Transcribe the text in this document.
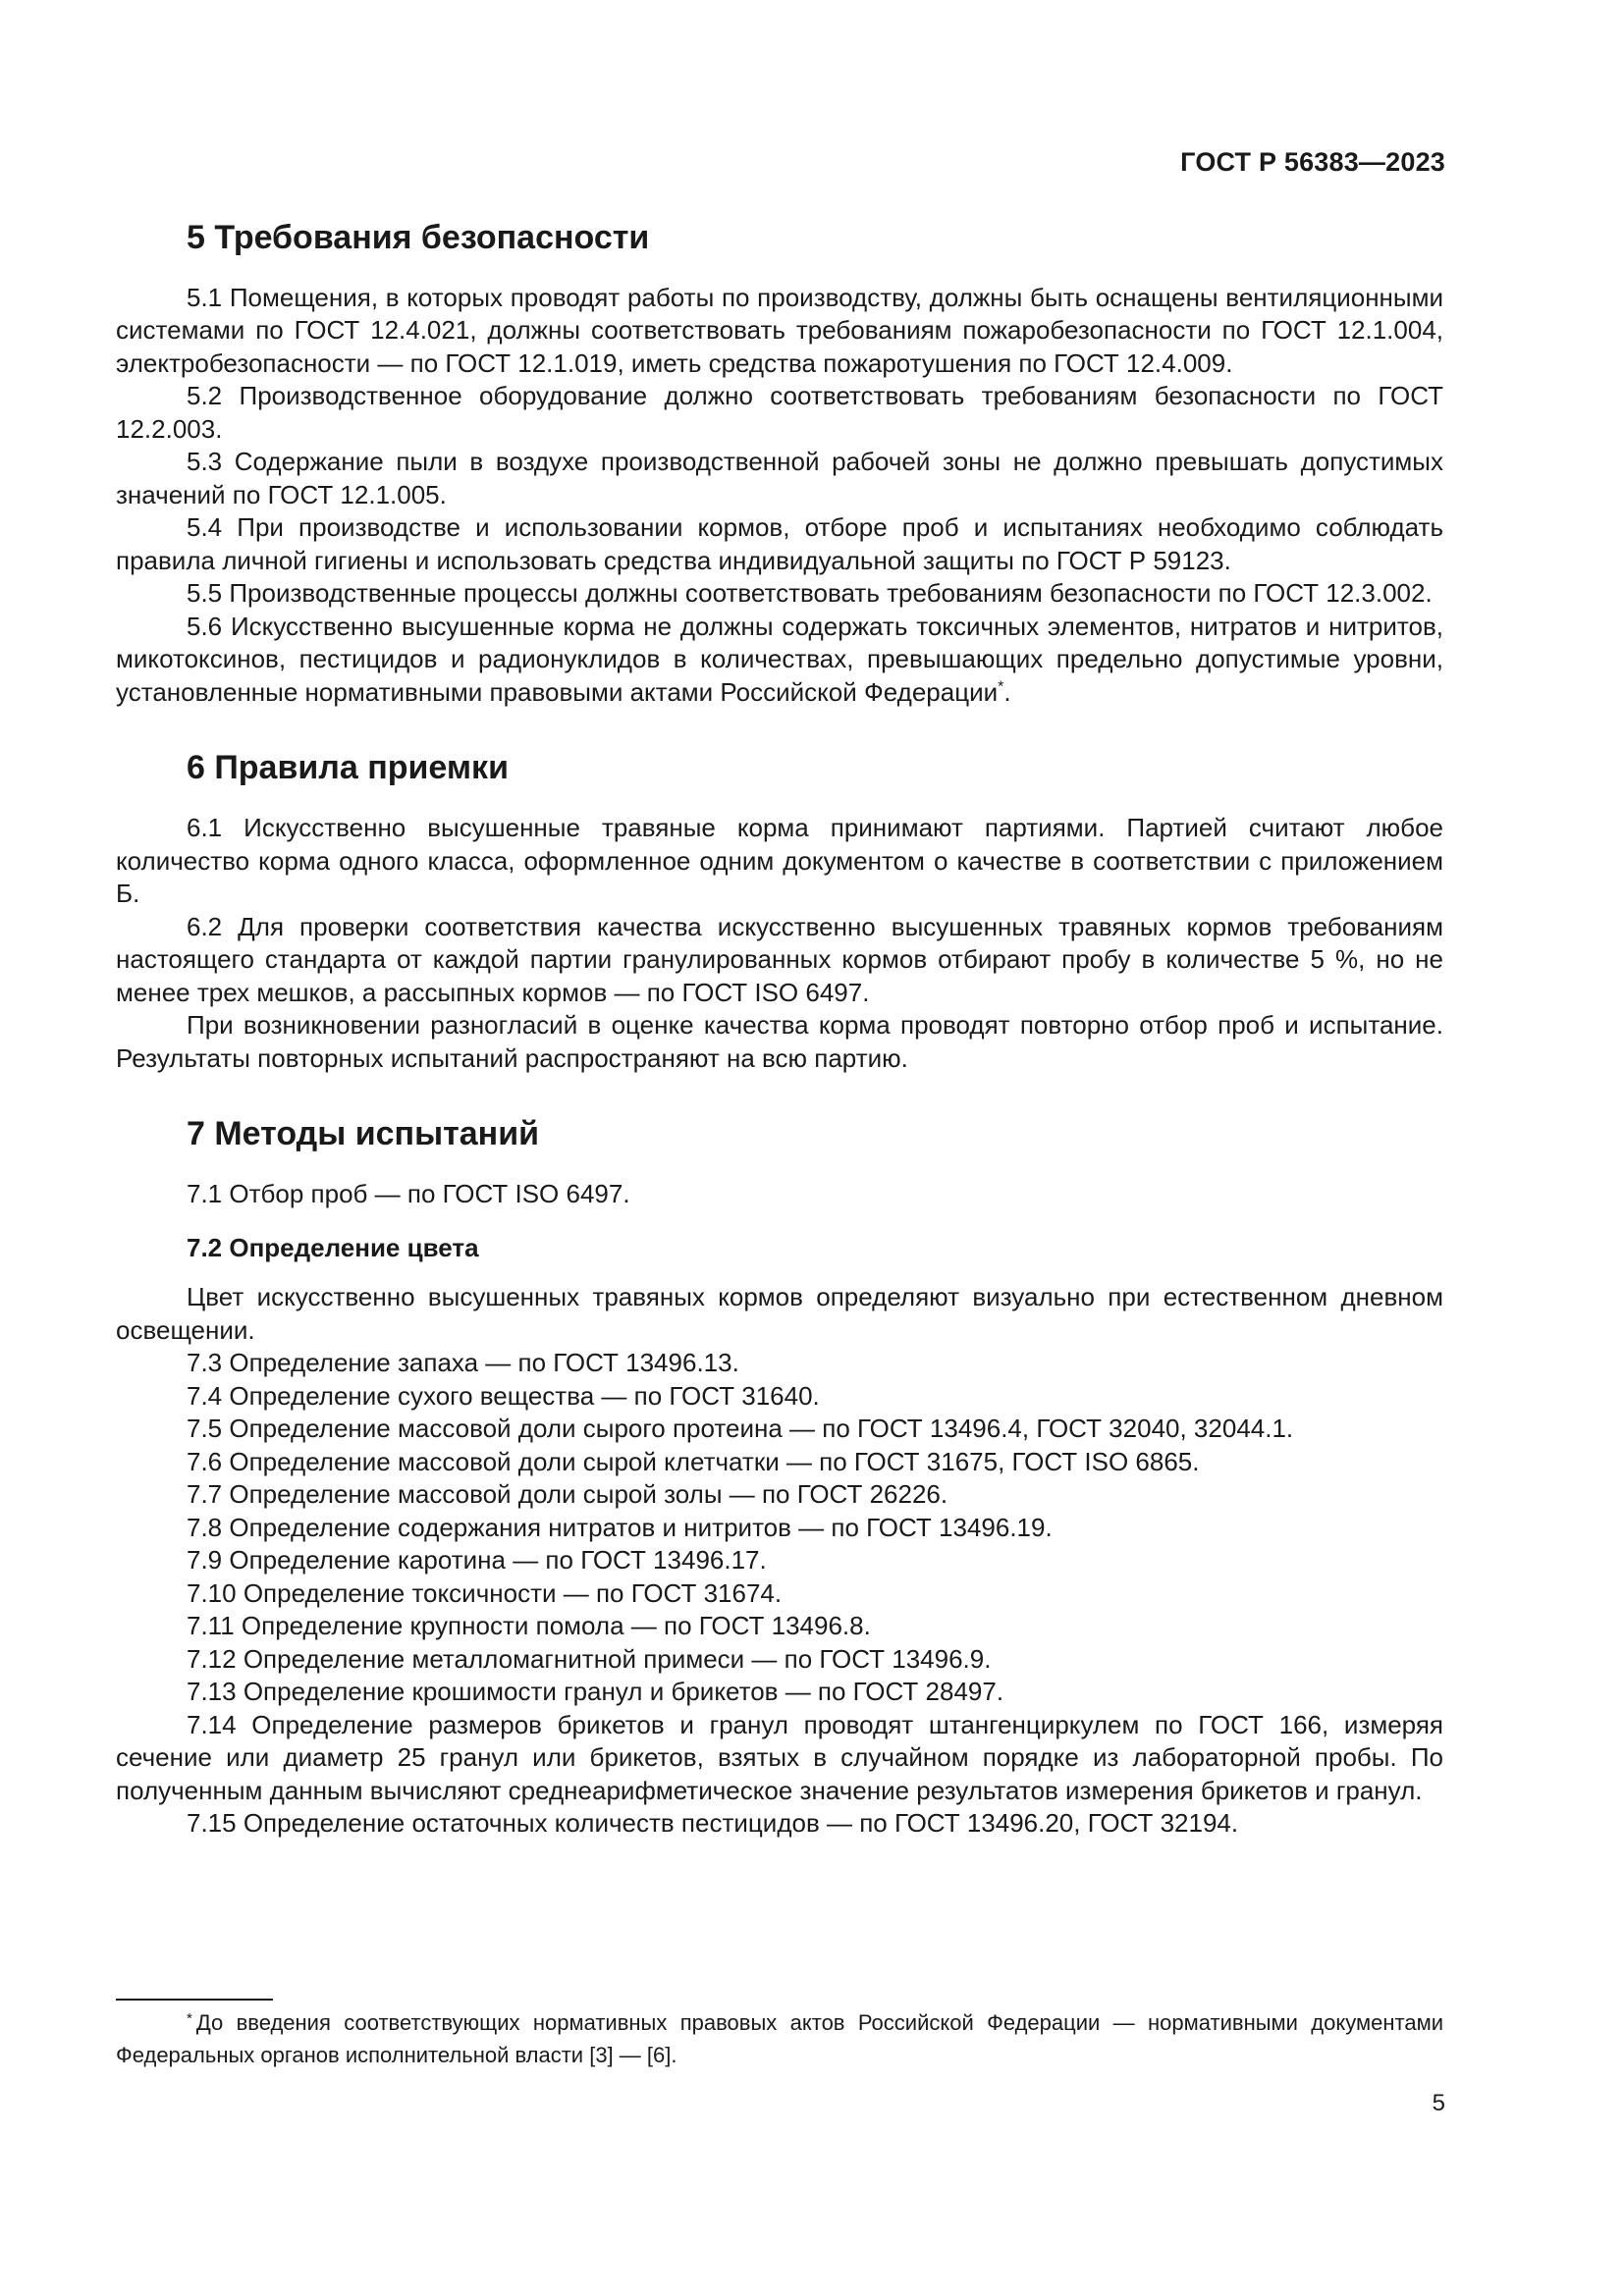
ГОСТ Р 56383—2023
5 Требования безопасности

5.1 Помещения, в которых проводят работы по производству, должны быть оснащены вентиляционными системами по ГОСТ 12.4.021, должны соответствовать требованиям пожаробезопасности по ГОСТ 12.1.004, электробезопасности — по ГОСТ 12.1.019, иметь средства пожаротушения по ГОСТ 12.4.009.

5.2 Производственное оборудование должно соответствовать требованиям безопасности по ГОСТ 12.2.003.

5.3 Содержание пыли в воздухе производственной рабочей зоны не должно превышать допустимых значений по ГОСТ 12.1.005.

5.4 При производстве и использовании кормов, отборе проб и испытаниях необходимо соблюдать правила личной гигиены и использовать средства индивидуальной защиты по ГОСТ Р 59123.

5.5 Производственные процессы должны соответствовать требованиям безопасности по ГОСТ 12.3.002.

5.6 Искусственно высушенные корма не должны содержать токсичных элементов, нитратов и нитритов, микотоксинов, пестицидов и радионуклидов в количествах, превышающих предельно допустимые уровни, установленные нормативными правовыми актами Российской Федерации*.

6 Правила приемки

6.1 Искусственно высушенные травяные корма принимают партиями. Партией считают любое количество корма одного класса, оформленное одним документом о качестве в соответствии с приложением Б.

6.2 Для проверки соответствия качества искусственно высушенных травяных кормов требованиям настоящего стандарта от каждой партии гранулированных кормов отбирают пробу в количестве 5 %, но не менее трех мешков, а рассыпных кормов — по ГОСТ ISO 6497.

При возникновении разногласий в оценке качества корма проводят повторно отбор проб и испытание. Результаты повторных испытаний распространяют на всю партию.

7 Методы испытаний

7.1 Отбор проб — по ГОСТ ISO 6497.

7.2 Определение цвета

Цвет искусственно высушенных травяных кормов определяют визуально при естественном дневном освещении.

7.3 Определение запаха — по ГОСТ 13496.13.

7.4 Определение сухого вещества — по ГОСТ 31640.

7.5 Определение массовой доли сырого протеина — по ГОСТ 13496.4, ГОСТ 32040, 32044.1.

7.6 Определение массовой доли сырой клетчатки — по ГОСТ 31675, ГОСТ ISO 6865.

7.7 Определение массовой доли сырой золы — по ГОСТ 26226.

7.8 Определение содержания нитратов и нитритов — по ГОСТ 13496.19.

7.9 Определение каротина — по ГОСТ 13496.17.

7.10 Определение токсичности — по ГОСТ 31674.

7.11 Определение крупности помола — по ГОСТ 13496.8.

7.12 Определение металломагнитной примеси — по ГОСТ 13496.9.

7.13 Определение крошимости гранул и брикетов — по ГОСТ 28497.

7.14 Определение размеров брикетов и гранул проводят штангенциркулем по ГОСТ 166, измеряя сечение или диаметр 25 гранул или брикетов, взятых в случайном порядке из лабораторной пробы. По полученным данным вычисляют среднеарифметическое значение результатов измерения брикетов и гранул.

7.15 Определение остаточных количеств пестицидов — по ГОСТ 13496.20, ГОСТ 32194.

* До введения соответствующих нормативных правовых актов Российской Федерации — нормативными документами Федеральных органов исполнительной власти [3] — [6].

5
